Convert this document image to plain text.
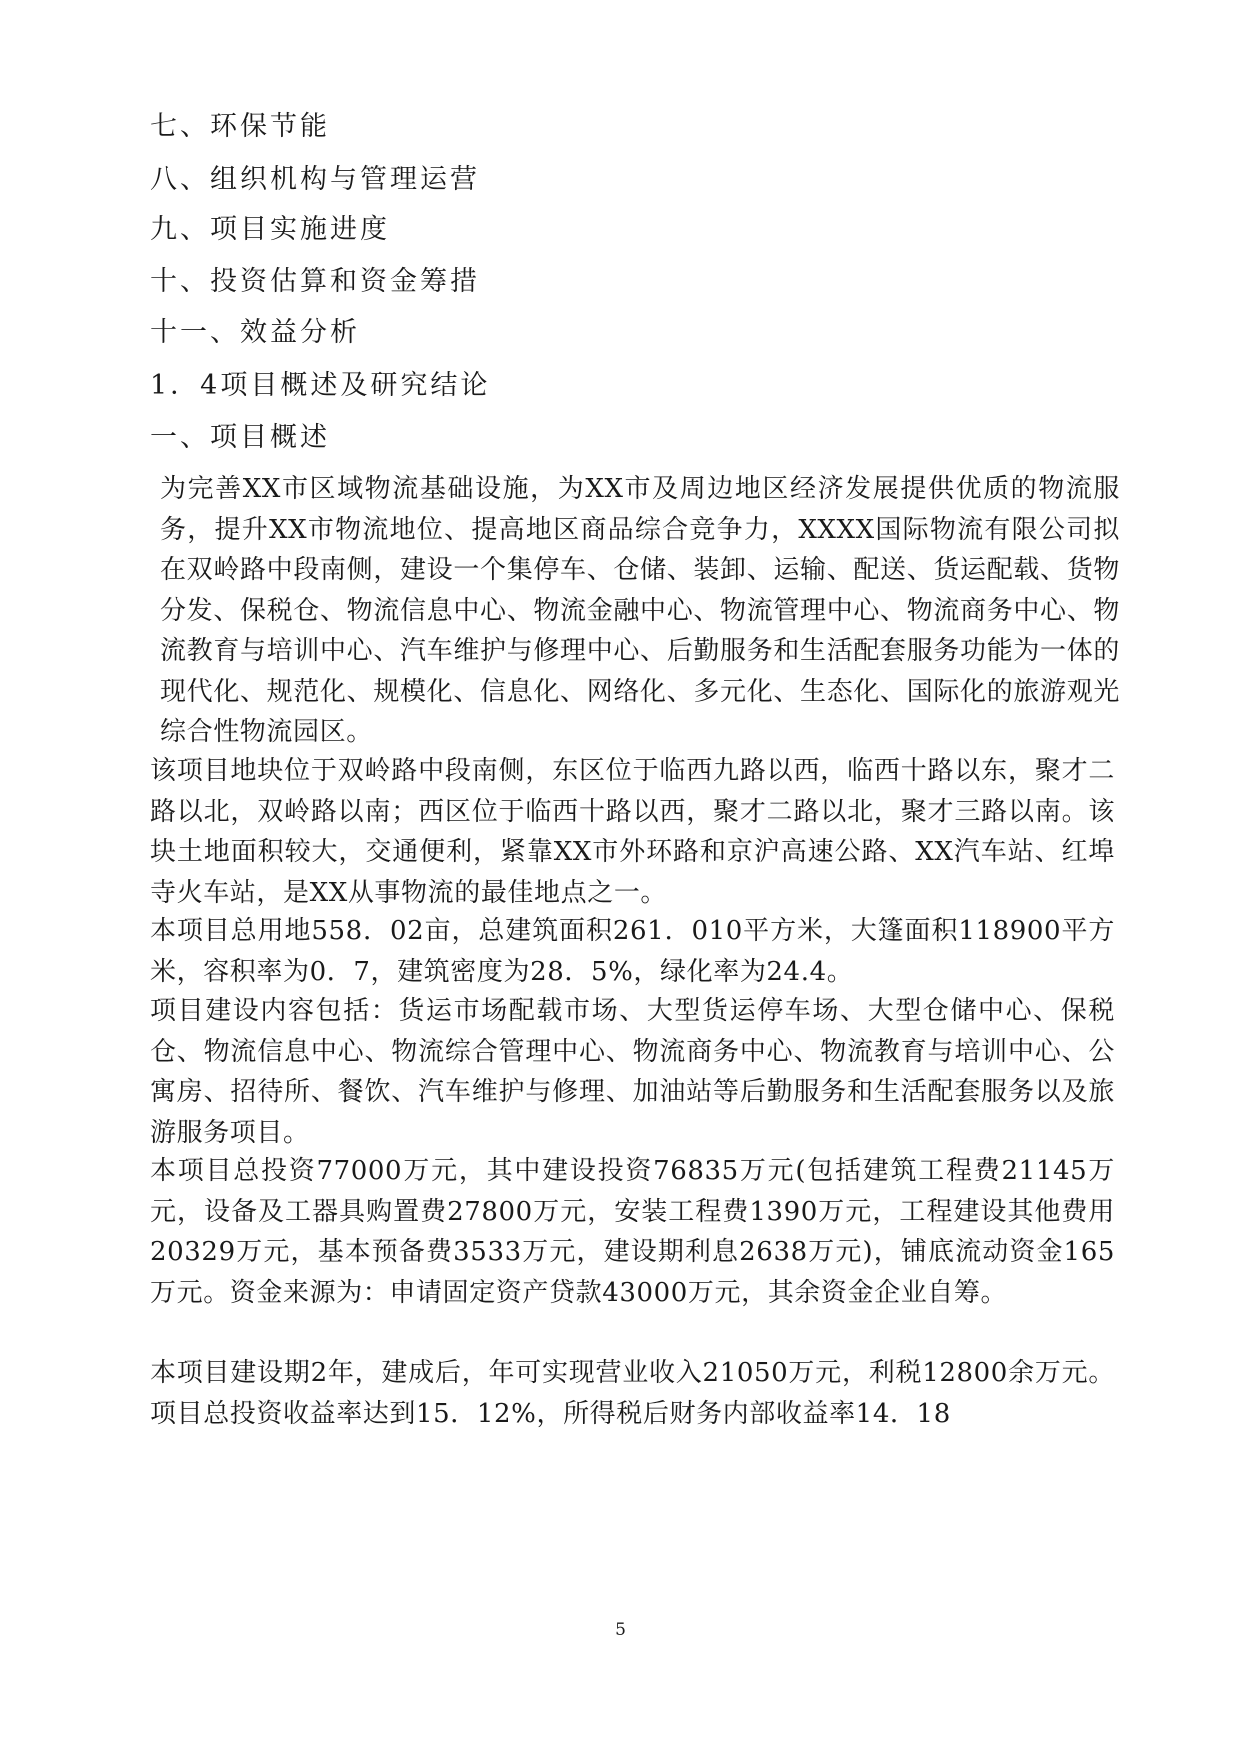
七、环保节能
八、组织机构与管理运营
九、项目实施进度
十、投资估算和资金筹措
十一、效益分析
1．4项目概述及研究结论
一、项目概述

为完善XX市区域物流基础设施，为XX市及周边地区经济发展提供优质的物流服务，提升XX市物流地位、提高地区商品综合竞争力，XXXX国际物流有限公司拟在双岭路中段南侧，建设一个集停车、仓储、装卸、运输、配送、货运配载、货物分发、保税仓、物流信息中心、物流金融中心、物流管理中心、物流商务中心、物流教育与培训中心、汽车维护与修理中心、后勤服务和生活配套服务功能为一体的现代化、规范化、规模化、信息化、网络化、多元化、生态化、国际化的旅游观光综合性物流园区。

该项目地块位于双岭路中段南侧，东区位于临西九路以西，临西十路以东，聚才二路以北，双岭路以南；西区位于临西十路以西，聚才二路以北，聚才三路以南。该块土地面积较大，交通便利，紧靠XX市外环路和京沪高速公路、XX汽车站、红埠寺火车站，是XX从事物流的最佳地点之一。

本项目总用地558．02亩，总建筑面积261．010平方米，大篷面积118900平方米，容积率为0．7，建筑密度为28．5%，绿化率为24.4。

项目建设内容包括：货运市场配载市场、大型货运停车场、大型仓储中心、保税仓、物流信息中心、物流综合管理中心、物流商务中心、物流教育与培训中心、公寓房、招待所、餐饮、汽车维护与修理、加油站等后勤服务和生活配套服务以及旅游服务项目。

本项目总投资77000万元，其中建设投资76835万元(包括建筑工程费21145万元，设备及工器具购置费27800万元，安装工程费1390万元，工程建设其他费用20329万元，基本预备费3533万元，建设期利息2638万元)，铺底流动资金165万元。资金来源为：申请固定资产贷款43000万元，其余资金企业自筹。

本项目建设期2年，建成后，年可实现营业收入21050万元，利税12800余万元。项目总投资收益率达到15．12%，所得税后财务内部收益率14．18

5
